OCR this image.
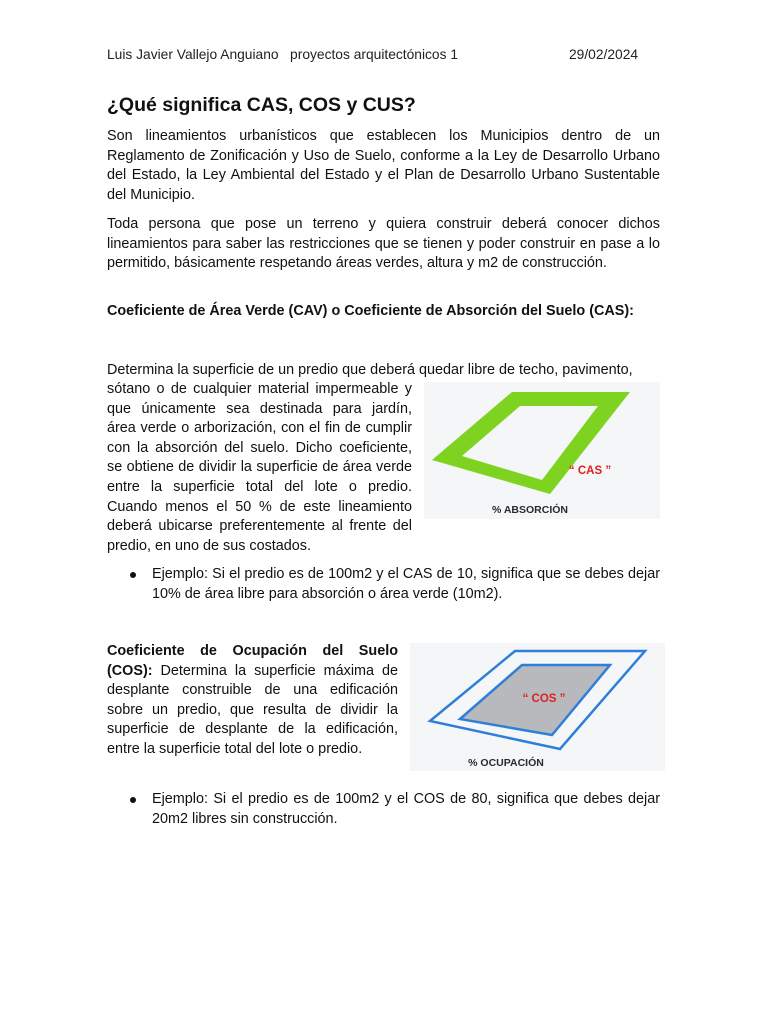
Luis Javier Vallejo Anguiano   proyectos arquitectónicos 1	29/02/2024
¿Qué significa CAS, COS y CUS?

Son lineamientos urbanísticos que establecen los Municipios dentro de un Reglamento de Zonificación y Uso de Suelo, conforme a la Ley de Desarrollo Urbano del Estado, la Ley Ambiental del Estado y el Plan de Desarrollo Urbano Sustentable del Municipio.

Toda persona que pose un terreno y quiera construir deberá conocer dichos lineamientos para saber las restricciones que se tienen y poder construir en pase a lo permitido, básicamente respetando áreas verdes, altura y m2 de construcción.

Coeficiente de Área Verde (CAV) o Coeficiente de Absorción del Suelo (CAS):

Determina la superficie de un predio que deberá quedar libre de techo, pavimento,

sótano o de cualquier material impermeable y que únicamente sea destinada para jardín, área verde o arborización, con el fin de cumplir con la absorción del suelo. Dicho coeficiente, se obtiene de dividir la superficie de área verde entre la superficie total del lote o predio. Cuando menos el 50 % de este lineamiento deberá ubicarse preferentemente al frente del predio, en uno de sus costados.

“ CAS ”
% ABSORCIÓN
Ejemplo: Si el predio es de 100m2 y el CAS de 10, significa que se debes dejar 10% de área libre para absorción o área verde (10m2).

Coeficiente de Ocupación del Suelo (COS): Determina la superficie máxima de desplante construible de una edificación sobre un predio, que resulta de dividir la superficie de desplante de la edificación, entre la superficie total del lote o predio.

“ COS ”
% OCUPACIÓN
Ejemplo: Si el predio es de 100m2 y el COS de 80, significa que debes dejar 20m2 libres sin construcción.
